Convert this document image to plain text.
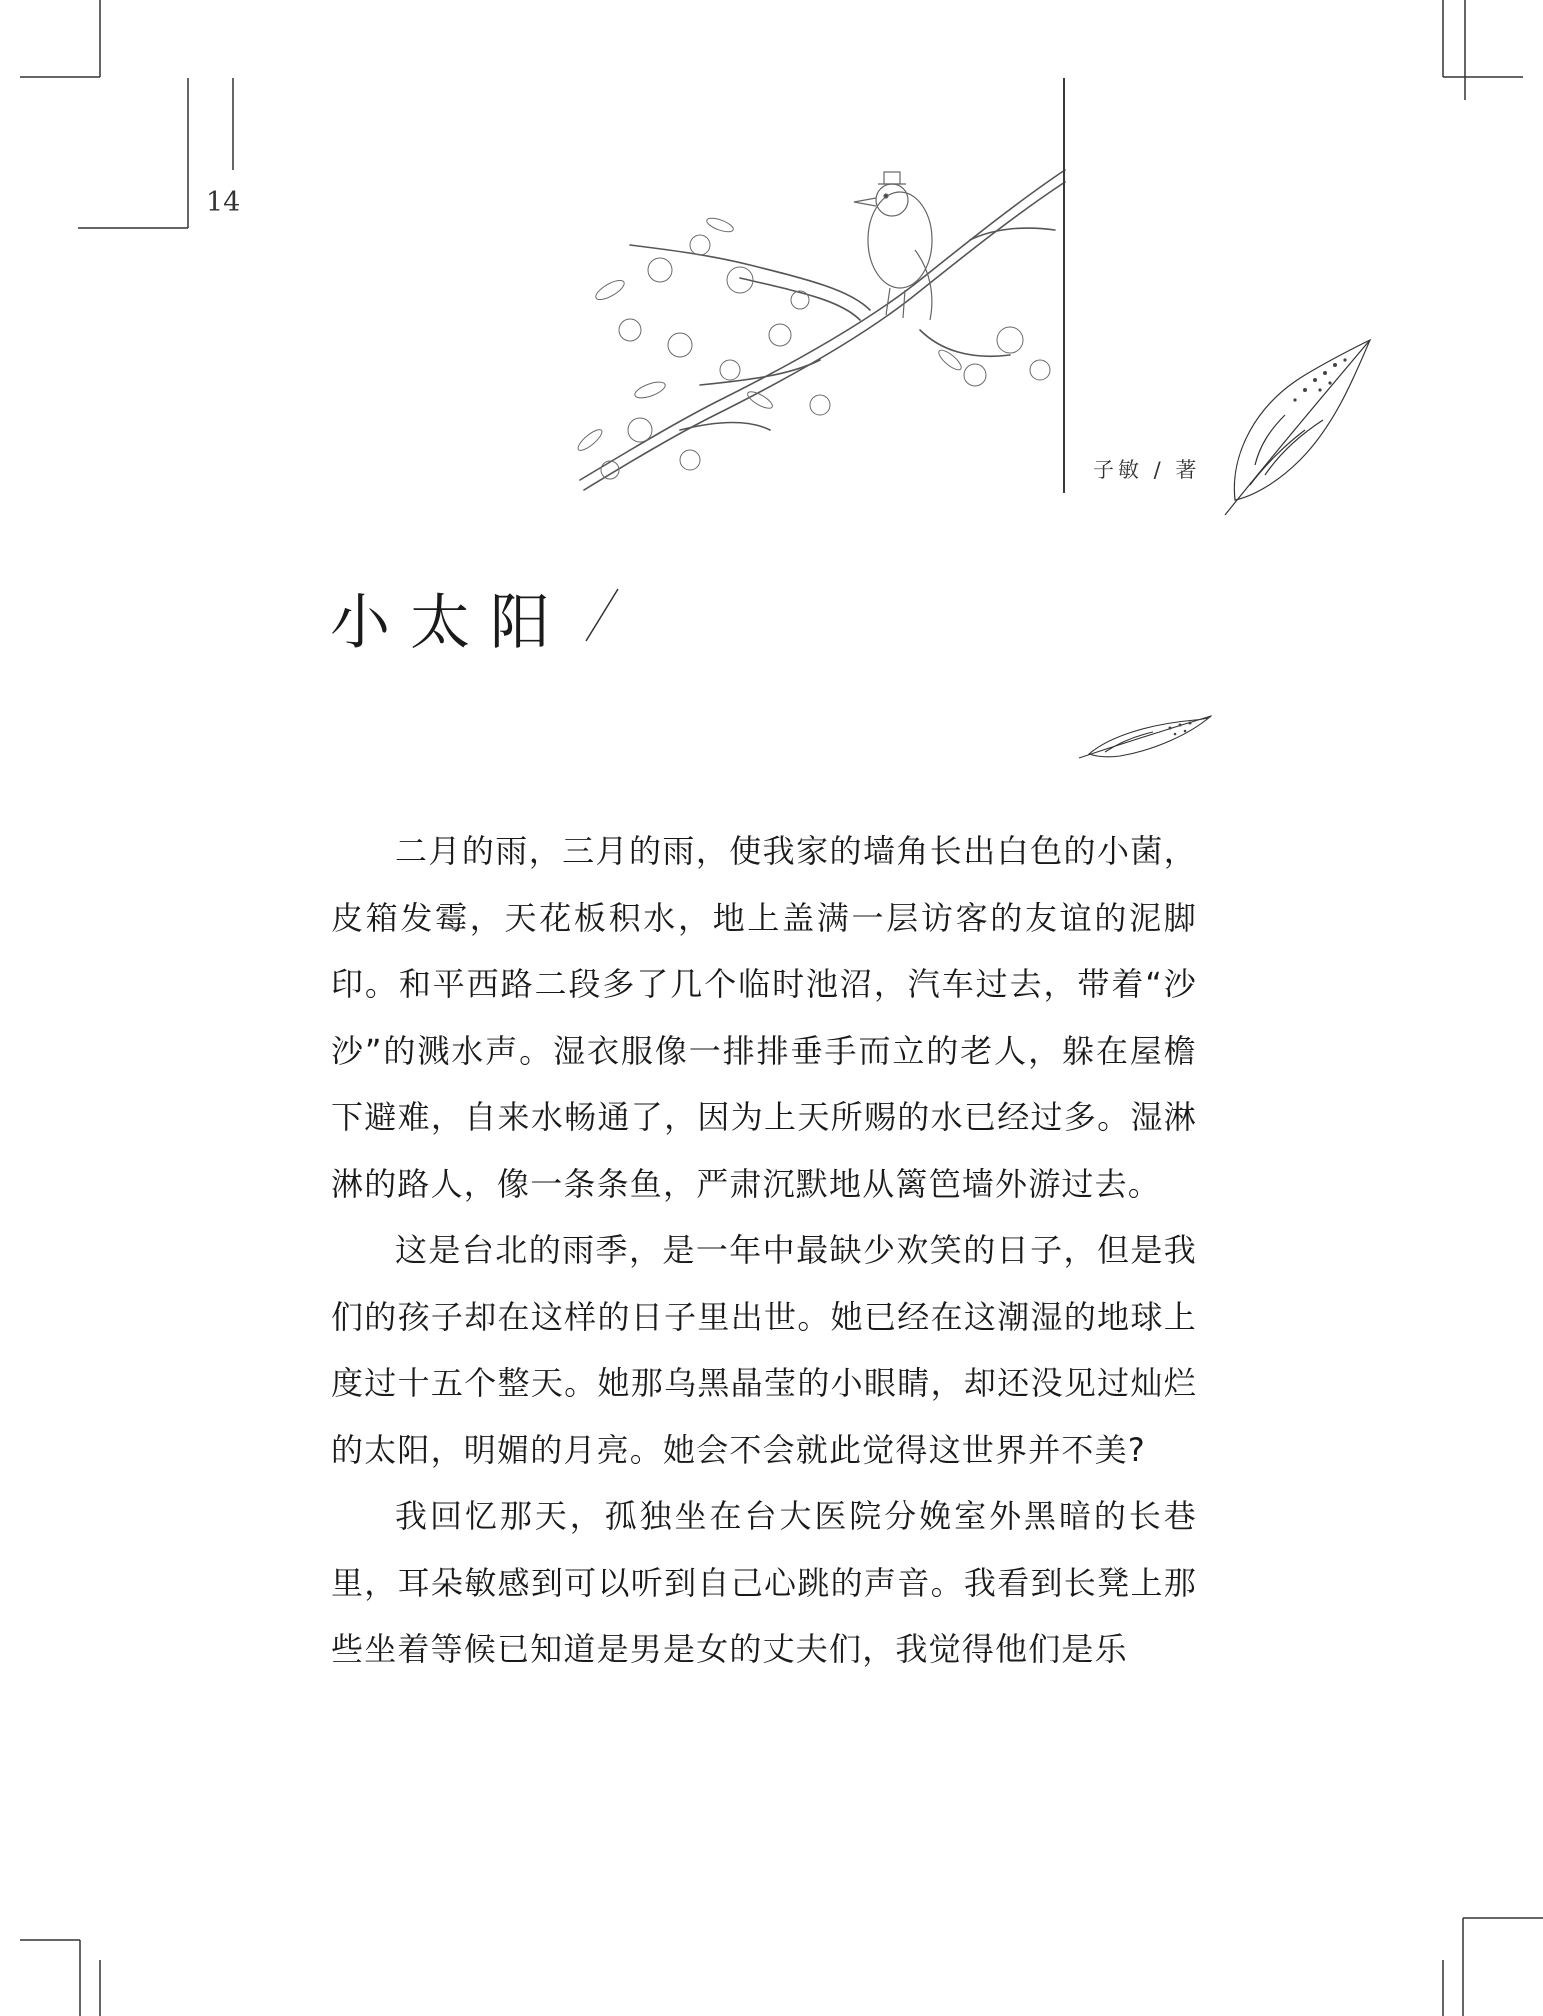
14
子敏 / 著
小太阳

二月的雨，三月的雨，使我家的墙角长出白色的小菌，皮箱发霉，天花板积水，地上盖满一层访客的友谊的泥脚印。和平西路二段多了几个临时池沼，汽车过去，带着“沙沙”的溅水声。湿衣服像一排排垂手而立的老人，躲在屋檐下避难，自来水畅通了，因为上天所赐的水已经过多。湿淋淋的路人，像一条条鱼，严肃沉默地从篱笆墙外游过去。

这是台北的雨季，是一年中最缺少欢笑的日子，但是我们的孩子却在这样的日子里出世。她已经在这潮湿的地球上度过十五个整天。她那乌黑晶莹的小眼睛，却还没见过灿烂的太阳，明媚的月亮。她会不会就此觉得这世界并不美?

我回忆那天，孤独坐在台大医院分娩室外黑暗的长巷里，耳朵敏感到可以听到自己心跳的声音。我看到长凳上那些坐着等候已知道是男是女的丈夫们，我觉得他们是乐
